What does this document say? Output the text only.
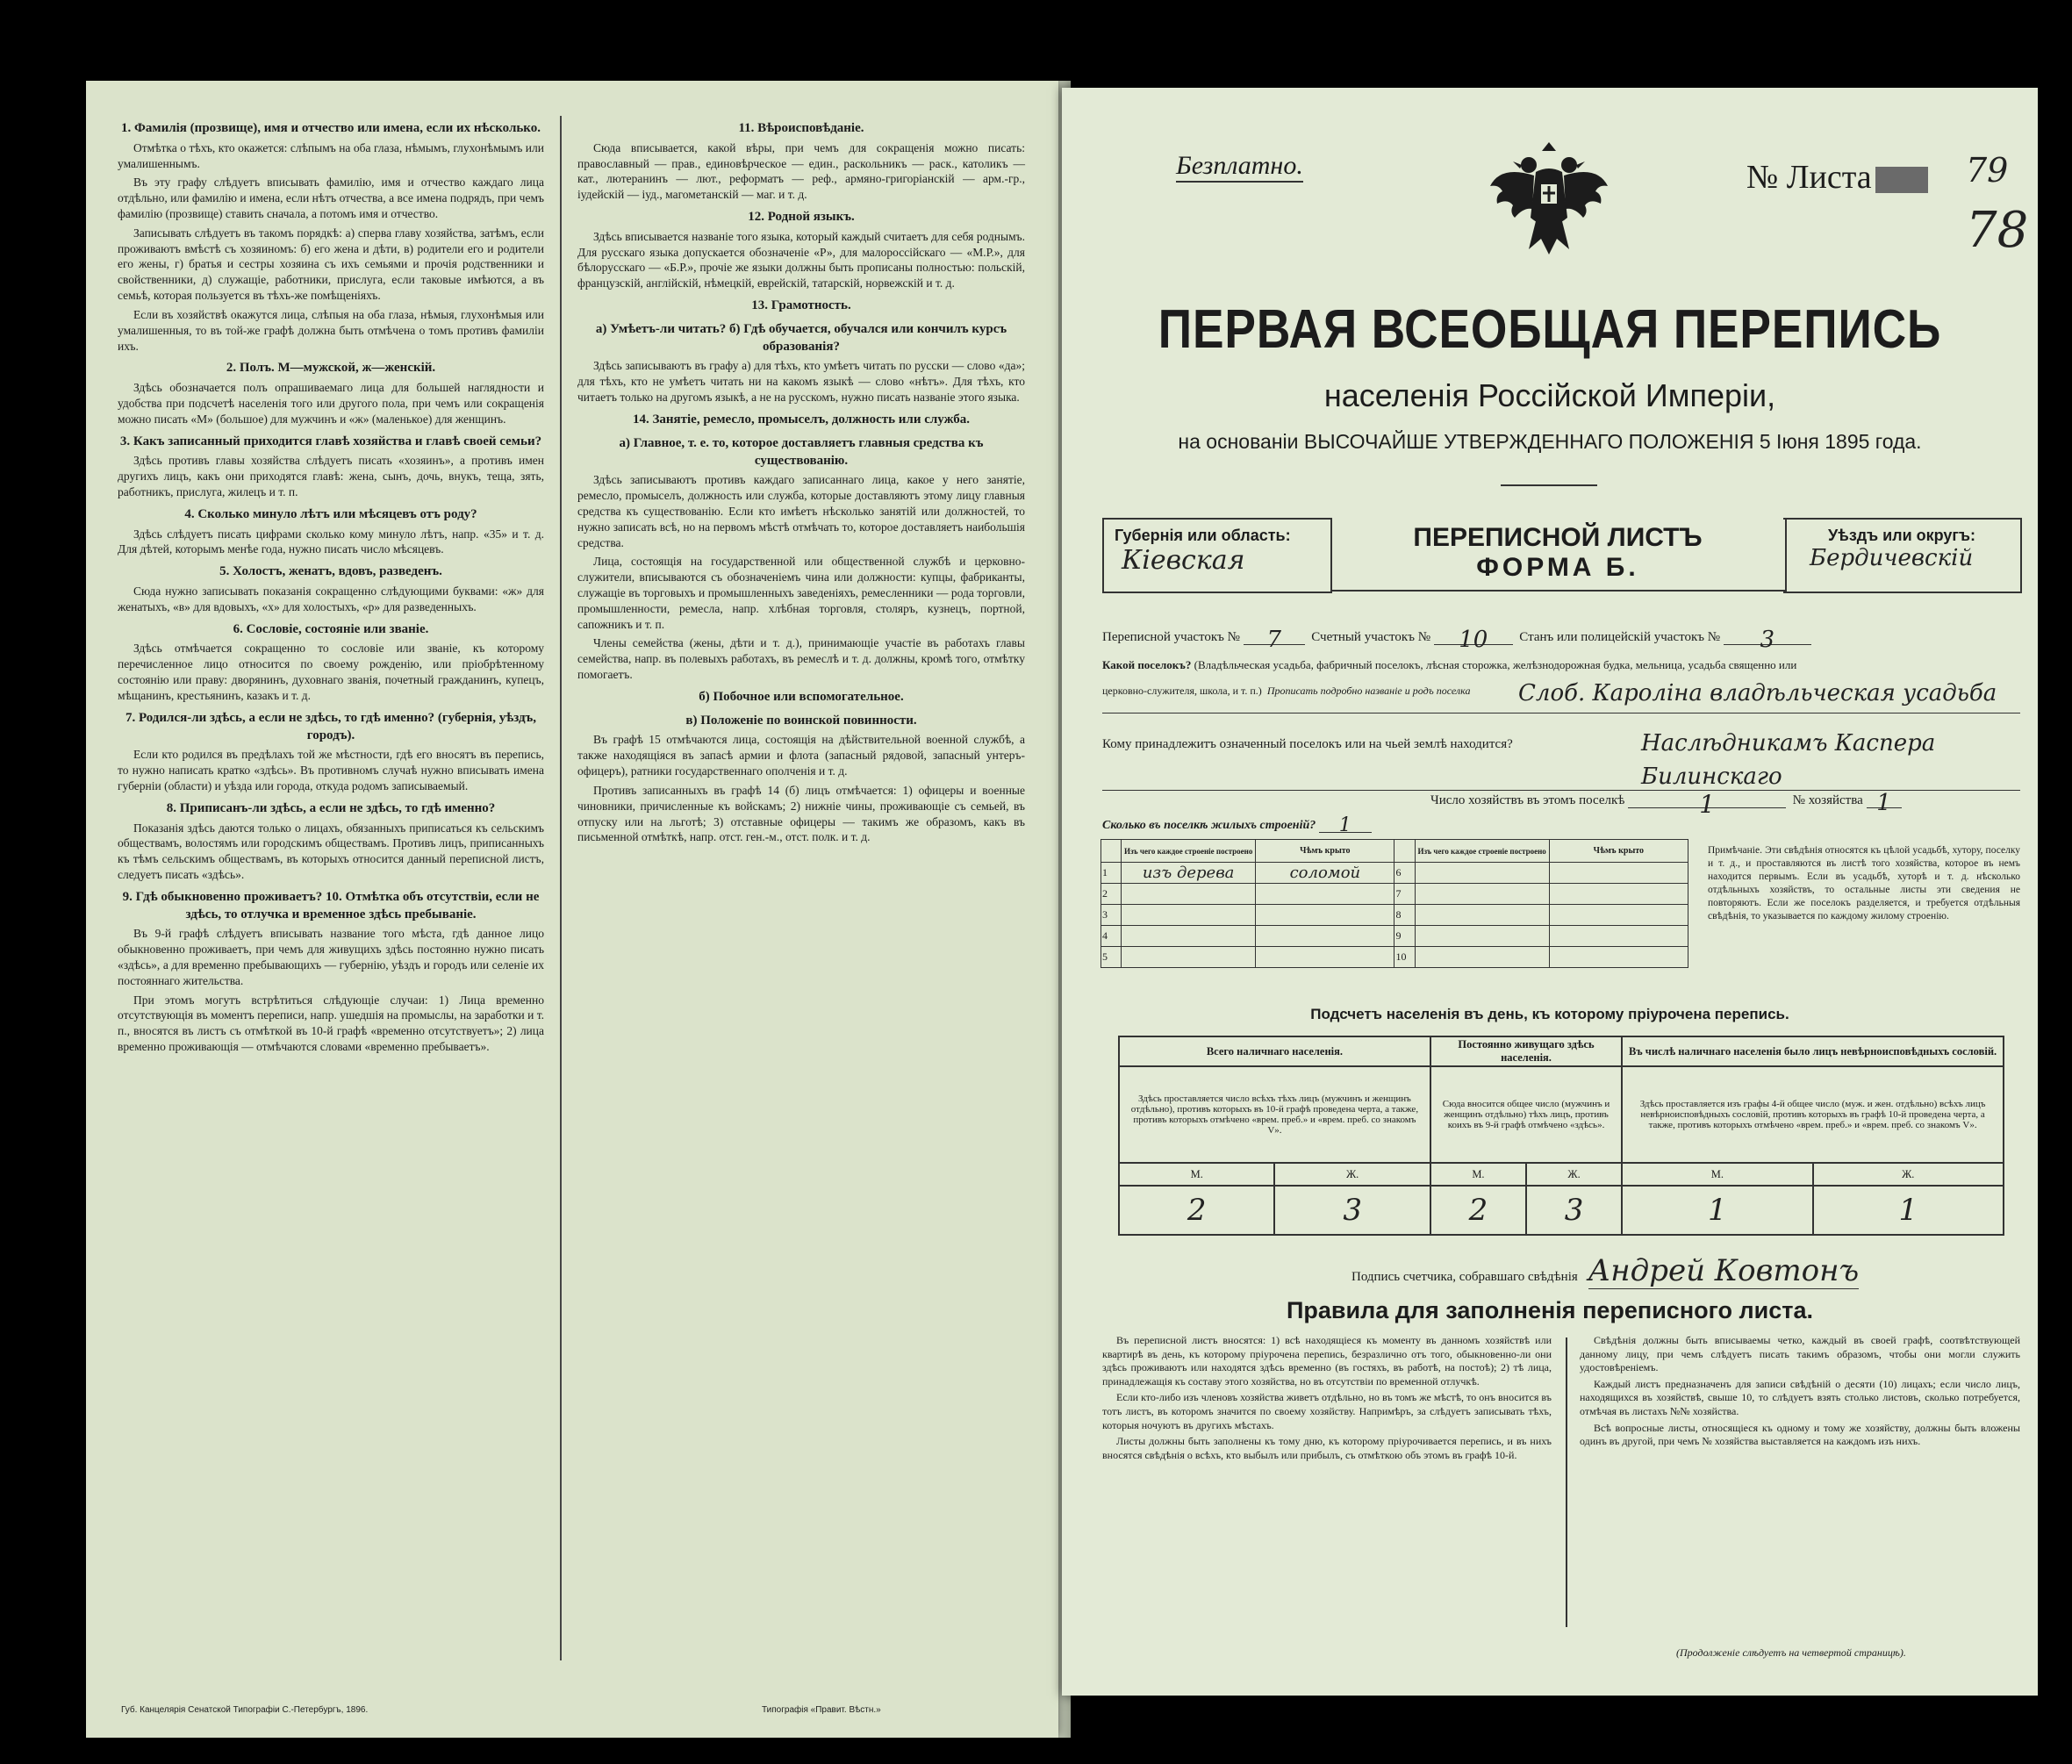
1. Фамилія (прозвище), имя и отчество или имена, если их нѣсколько.

Отмѣтка о тѣхъ, кто окажется: слѣпымъ на оба глаза, нѣмымъ, глухонѣмымъ или умалишеннымъ.

Въ эту графу слѣдуетъ вписывать фамилію, имя и отчество каждаго лица отдѣльно, или фамилію и имена, если нѣтъ отчества, а все имена подрядъ, при чемъ фамилію (прозвище) ставить сначала, а потомъ имя и отчество.

Записывать слѣдуетъ въ такомъ порядкѣ: а) сперва главу хозяйства, затѣмъ, если проживаютъ вмѣстѣ съ хозяиномъ: б) его жена и дѣти, в) родители его и родители его жены, г) братья и сестры хозяина съ ихъ семьями и прочія родственники и свойственники, д) служащіе, работники, прислуга, если таковые имѣются, а въ семьѣ, которая пользуется въ тѣхъ-же помѣщеніяхъ.

Если въ хозяйствѣ окажутся лица, слѣпыя на оба глаза, нѣмыя, глухонѣмыя или умалишенныя, то въ той-же графѣ должна быть отмѣчена о томъ противъ фамиліи ихъ.

2. Полъ. М—мужской, ж—женскій.

Здѣсь обозначается полъ опрашиваемаго лица для большей наглядности и удобства при подсчетѣ населенія того или другого пола, при чемъ или сокращенія можно писать «М» (большое) для мужчинъ и «ж» (маленькое) для женщинъ.

3. Какъ записанный приходится главѣ хозяйства и главѣ своей семьи?

Здѣсь противъ главы хозяйства слѣдуетъ писать «хозяинъ», а противъ имен другихъ лицъ, какъ они приходятся главѣ: жена, сынъ, дочь, внукъ, теща, зять, работникъ, прислуга, жилецъ и т. п.

4. Сколько минуло лѣтъ или мѣсяцевъ отъ роду?

Здѣсь слѣдуетъ писать цифрами сколько кому минуло лѣтъ, напр. «35» и т. д. Для дѣтей, которымъ менѣе года, нужно писать число мѣсяцевъ.

5. Холостъ, женатъ, вдовъ, разведенъ.

Сюда нужно записывать показанія сокращенно слѣдующими буквами: «ж» для женатыхъ, «в» для вдовыхъ, «х» для холостыхъ, «р» для разведенныхъ.

6. Сословіе, состояніе или званіе.

Здѣсь отмѣчается сокращенно то сословіе или званіе, къ которому перечисленное лицо относится по своему рожденію, или пріобрѣтенному состоянію или праву: дворянинъ, духовнаго званія, почетный гражданинъ, купецъ, мѣщанинъ, крестьянинъ, казакъ и т. д.

7. Родился-ли здѣсь, а если не здѣсь, то гдѣ именно? (губернія, уѣздъ, городъ).

Если кто родился въ предѣлахъ той же мѣстности, гдѣ его вносятъ въ перепись, то нужно написать кратко «здѣсь». Въ противномъ случаѣ нужно вписывать имена губерніи (области) и уѣзда или города, откуда родомъ записываемый.

8. Приписанъ-ли здѣсь, а если не здѣсь, то гдѣ именно?

Показанія здѣсь даются только о лицахъ, обязанныхъ приписаться къ сельскимъ обществамъ, волостямъ или городскимъ обществамъ. Противъ лицъ, приписанныхъ къ тѣмъ сельскимъ обществамъ, въ которыхъ относится данный переписной листъ, следуетъ писать «здѣсь».

9. Гдѣ обыкновенно проживаетъ? 10. Отмѣтка объ отсутствіи, если не здѣсь, то отлучка и временное здѣсь пребываніе.

Въ 9-й графѣ слѣдуетъ вписывать название того мѣста, гдѣ данное лицо обыкновенно проживаетъ, при чемъ для живущихъ здѣсь постоянно нужно писать «здѣсь», а для временно пребывающихъ — губернію, уѣздъ и городъ или селеніе их постояннаго жительства.

При этомъ могутъ встрѣтиться слѣдующіе случаи: 1) Лица временно отсутствующія въ моментъ переписи, напр. ушедшія на промыслы, на заработки и т. п., вносятся въ листъ съ отмѣткой въ 10-й графѣ «временно отсутствуетъ»; 2) лица временно проживающія — отмѣчаются словами «временно пребываетъ».

11. Вѣроисповѣданіе.

Сюда вписывается, какой вѣры, при чемъ для сокращенія можно писать: православный — прав., единовѣрческое — един., раскольникъ — раск., католикъ — кат., лютеранинъ — лют., реформатъ — реф., армяно-григоріанскій — арм.-гр., іудейскій — іуд., магометанскій — маг. и т. д.

12. Родной языкъ.

Здѣсь вписывается названіе того языка, который каждый считаетъ для себя роднымъ. Для русскаго языка допускается обозначеніе «Р», для малороссійскаго — «М.Р.», для бѣлорусскаго — «Б.Р.», прочіе же языки должны быть прописаны полностью: польскій, французскій, англійскій, нѣмецкій, еврейскій, татарскій, норвежскій и т. д.

13. Грамотность.
а) Умѣетъ-ли читать? б) Гдѣ обучается, обучался или кончилъ курсъ образованія?

Здѣсь записываютъ въ графу а) для тѣхъ, кто умѣетъ читать по русски — слово «да»; для тѣхъ, кто не умѣетъ читать ни на какомъ языкѣ — слово «нѣтъ». Для тѣхъ, кто читаетъ только на другомъ языкѣ, а не на русскомъ, нужно писать названіе этого языка.

14. Занятіе, ремесло, промыселъ, должность или служба.
а) Главное, т. е. то, которое доставляетъ главныя средства къ существованію.

Здѣсь записываютъ противъ каждаго записаннаго лица, какое у него занятіе, ремесло, промыселъ, должность или служба, которые доставляютъ этому лицу главныя средства къ существованію. Если кто имѣетъ нѣсколько занятій или должностей, то нужно записать всѣ, но на первомъ мѣстѣ отмѣчать то, которое доставляетъ наибольшія средства.

Лица, состоящія на государственной или общественной службѣ и церковно-служители, вписываются съ обозначеніемъ чина или должности: купцы, фабриканты, служащіе въ торговыхъ и промышленныхъ заведеніяхъ, ремесленники — рода торговли, промышленности, ремесла, напр. хлѣбная торговля, столяръ, кузнецъ, портной, сапожникъ и т. п.

Члены семейства (жены, дѣти и т. д.), принимающіе участіе въ работахъ главы семейства, напр. въ полевыхъ работахъ, въ ремеслѣ и т. д. должны, кромѣ того, отмѣтку помогаетъ.

б) Побочное или вспомогательное.
в) Положеніе по воинской повинности.

Въ графѣ 15 отмѣчаются лица, состоящія на дѣйствительной военной службѣ, а также находящіяся въ запасѣ армии и флота (запасный рядовой, запасный унтеръ-офицеръ), ратники государственнаго ополченія и т. д.

Противъ записанныхъ въ графѣ 14 (б) лицъ отмѣчается: 1) офицеры и военные чиновники, причисленные къ войскамъ; 2) нижніе чины, проживающіе съ семьей, въ отпуску или на льготѣ; 3) отставные офицеры — такимъ же образомъ, какъ въ письменной отмѣткѣ, напр. отст. ген.-м., отст. полк. и т. д.

Губ. Канцелярія Сенатской Типографіи С.-Петербургъ, 1896.	Типографія «Правит. Вѣстн.»
Безплатно.	№ Листа	79
78
ПЕРВАЯ ВСЕОБЩАЯ ПЕРЕПИСЬ
населенія Россійской Имперіи,
на основаніи ВЫСОЧАЙШЕ УТВЕРЖДЕННАГО ПОЛОЖЕНІЯ 5 Іюня 1895 года.
Губернія или область:
Кіевская
ПЕРЕПИСНОЙ ЛИСТЪ
ФОРМА Б.
Уѣздъ или округъ:
Бердичевскій
Переписной участокъ № 7 Счетный участокъ № 10 Станъ или полицейскій участокъ № 3
Какой поселокъ? (Владѣльческая усадьба, фабричный поселокъ, лѣсная сторожка, желѣзнодорожная будка, мельница, усадьба священно или
церковно-служителя, школа, и т. п.) Прописать подробно названіе и родъ поселка Слоб. Кароліна владѣльческая усадьба
Кому принадлежитъ означенный поселокъ или на чьей землѣ находится?	Наслѣдникамъ Каспера Билинскаго
Число хозяйствъ въ этомъ поселкѣ	1	№ хозяйства 1
Сколько въ поселкѣ жилыхъ строеній? 1
	Изъ чего каждое строеніе построено	Чѣмъ крыто		Изъ чего каждое строеніе построено	Чѣмъ крыто
1	изъ дерева	соломой	6		
2			7		
3			8		
4			9		
5			10		
Примѣчаніе. Эти свѣдѣнія относятся къ цѣлой усадьбѣ, хутору, поселку и т. д., и проставляются въ листѣ того хозяйства, которое въ немъ находится первымъ. Если въ усадьбѣ, хуторѣ и т. д. нѣсколько отдѣльныхъ хозяйствъ, то остальные листы эти сведения не повторяютъ. Если же поселокъ разделяется, и требуется отдѣльныя свѣдѣнія, то указывается по каждому жилому строенію.
Подсчетъ населенія въ день, къ которому пріурочена перепись.
Всего наличнаго населенія.		Постоянно живущаго здѣсь населенія.		Въ числѣ наличнаго населенія было лицъ невѣрноисповѣдныхъ сословій.	
Здѣсь проставляется число всѣхъ тѣхъ лицъ (мужчинъ и женщинъ отдѣльно), противъ которыхъ въ 10-й графѣ проведена черта, а также, противъ которыхъ отмѣчено «врем. преб.» и «врем. преб. со знакомъ V».		Сюда вносится общее число (мужчинъ и женщинъ отдѣльно) тѣхъ лицъ, противъ коихъ въ 9-й графѣ отмѣчено «здѣсь».		Здѣсь проставляется изъ графы 4-й общее число (муж. и жен. отдѣльно) всѣхъ лицъ невѣрноисповѣдныхъ сословій, противъ которыхъ въ графѣ 10-й проведена черта, а также, противъ которыхъ отмѣчено «врем. преб.» и «врем. преб. со знакомъ V».	
М.	Ж.	М.	Ж.	М.	Ж.
2	3	2	3	1	1
Подпись счетчика, собравшаго свѣдѣнія Андрей Ковтонъ
Правила для заполненія переписного листа.

Въ переписной листъ вносятся: 1) всѣ находящіеся къ моменту въ данномъ хозяйствѣ или квартирѣ въ день, къ которому пріурочена перепись, безразлично отъ того, обыкновенно-ли они здѣсь проживаютъ или находятся здѣсь временно (въ гостяхъ, въ работѣ, на постоѣ); 2) тѣ лица, принадлежащія къ составу этого хозяйства, но въ отсутствіи по временной отлучкѣ.

Если кто-либо изъ членовъ хозяйства живетъ отдѣльно, но въ томъ же мѣстѣ, то онъ вносится въ тотъ листъ, въ которомъ значится по своему хозяйству. Напримѣръ, за слѣдуетъ записывать тѣхъ, которыя ночуютъ въ другихъ мѣстахъ.

Листы должны быть заполнены къ тому дню, къ которому пріурочивается перепись, и въ нихъ вносятся свѣдѣнія о всѣхъ, кто выбылъ или прибылъ, съ отмѣткою объ этомъ въ графѣ 10-й.

Свѣдѣнія должны быть вписываемы четко, каждый въ своей графѣ, соотвѣтствующей данному лицу, при чемъ слѣдуетъ писать такимъ образомъ, чтобы они могли служить удостовѣреніемъ.

Каждый листъ предназначенъ для записи свѣдѣній о десяти (10) лицахъ; если число лицъ, находящихся въ хозяйствѣ, свыше 10, то слѣдуетъ взять столько листовъ, сколько потребуется, отмѣчая въ листахъ №№ хозяйства.

Всѣ вопросные листы, относящіеся къ одному и тому же хозяйству, должны быть вложены одинъ въ другой, при чемъ № хозяйства выставляется на каждомъ изъ нихъ.

(Продолженіе слѣдуетъ на четвертой страницѣ).
